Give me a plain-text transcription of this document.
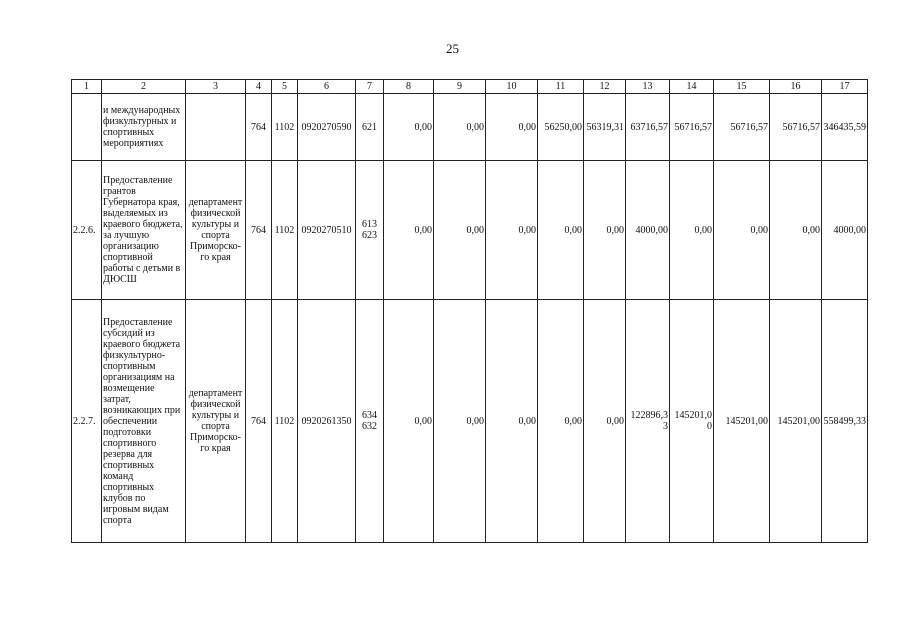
25
1	2	3	4	5	6	7	8	9	10	11	12	13	14	15	16	17
	и международных физкультурных и спортивных мероприятиях		764	1102	0920270590	621	0,00	0,00	0,00	56250,00	56319,31	63716,57	56716,57	56716,57	56716,57	346435,59
2.2.6.	Предоставление грантов Губернатора края, выделяемых из краевого бюджета, за лучшую организацию спортивной работы с детьми в ДЮСШ	департамент физической культуры и спорта Приморско-го края	764	1102	0920270510	613 623	0,00	0,00	0,00	0,00	0,00	4000,00	0,00	0,00	0,00	4000,00
2.2.7.	Предоставление субсидий из краевого бюджета физкультурно-спортивным организациям на возмещение затрат, возникающих при обеспечении подготовки спортивного резерва для спортивных команд спортивных клубов по игровым видам спорта	департамент физической культуры и спорта Приморско-го края	764	1102	0920261350	634 632	0,00	0,00	0,00	0,00	0,00	122896,33	145201,00	145201,00	145201,00	558499,33
